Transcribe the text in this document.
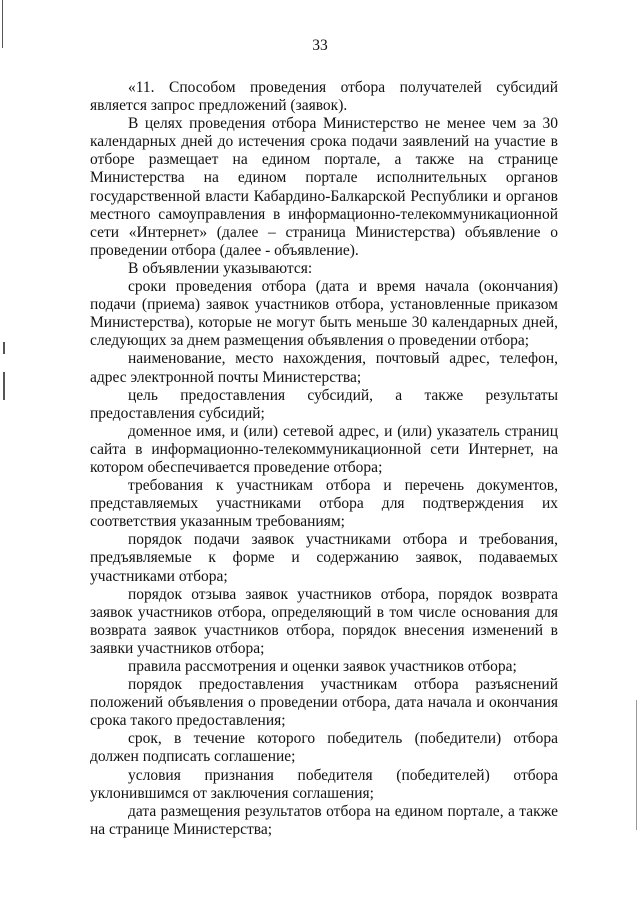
33

«11. Способом проведения отбора получателей субсидий является запрос предложений (заявок).

В целях проведения отбора Министерство не менее чем за 30 календарных дней до истечения срока подачи заявлений на участие в отборе размещает на едином портале, а также на странице Министерства на едином портале исполнительных органов государственной власти Кабардино-Балкарской Республики и органов местного самоуправления в информационно-телекоммуникационной сети «Интернет» (далее – страница Министерства) объявление о проведении отбора (далее - объявление).

В объявлении указываются:

сроки проведения отбора (дата и время начала (окончания) подачи (приема) заявок участников отбора, установленные приказом Министерства), которые не могут быть меньше 30 календарных дней, следующих за днем размещения объявления о проведении отбора;

наименование, место нахождения, почтовый адрес, телефон, адрес электронной почты Министерства;

цель предоставления субсидий, а также результаты предоставления субсидий;

доменное имя, и (или) сетевой адрес, и (или) указатель страниц сайта в информационно-телекоммуникационной сети Интернет, на котором обеспечивается проведение отбора;

требования к участникам отбора и перечень документов, представляемых участниками отбора для подтверждения их соответствия указанным требованиям;

порядок подачи заявок участниками отбора и требования, предъявляемые к форме и содержанию заявок, подаваемых участниками отбора;

порядок отзыва заявок участников отбора, порядок возврата заявок участников отбора, определяющий в том числе основания для возврата заявок участников отбора, порядок внесения изменений в заявки участников отбора;

правила рассмотрения и оценки заявок участников отбора;

порядок предоставления участникам отбора разъяснений положений объявления о проведении отбора, дата начала и окончания срока такого предоставления;

срок, в течение которого победитель (победители) отбора должен подписать соглашение;

условия признания победителя (победителей) отбора уклонившимся от заключения соглашения;

дата размещения результатов отбора на едином портале, а также на странице Министерства;
